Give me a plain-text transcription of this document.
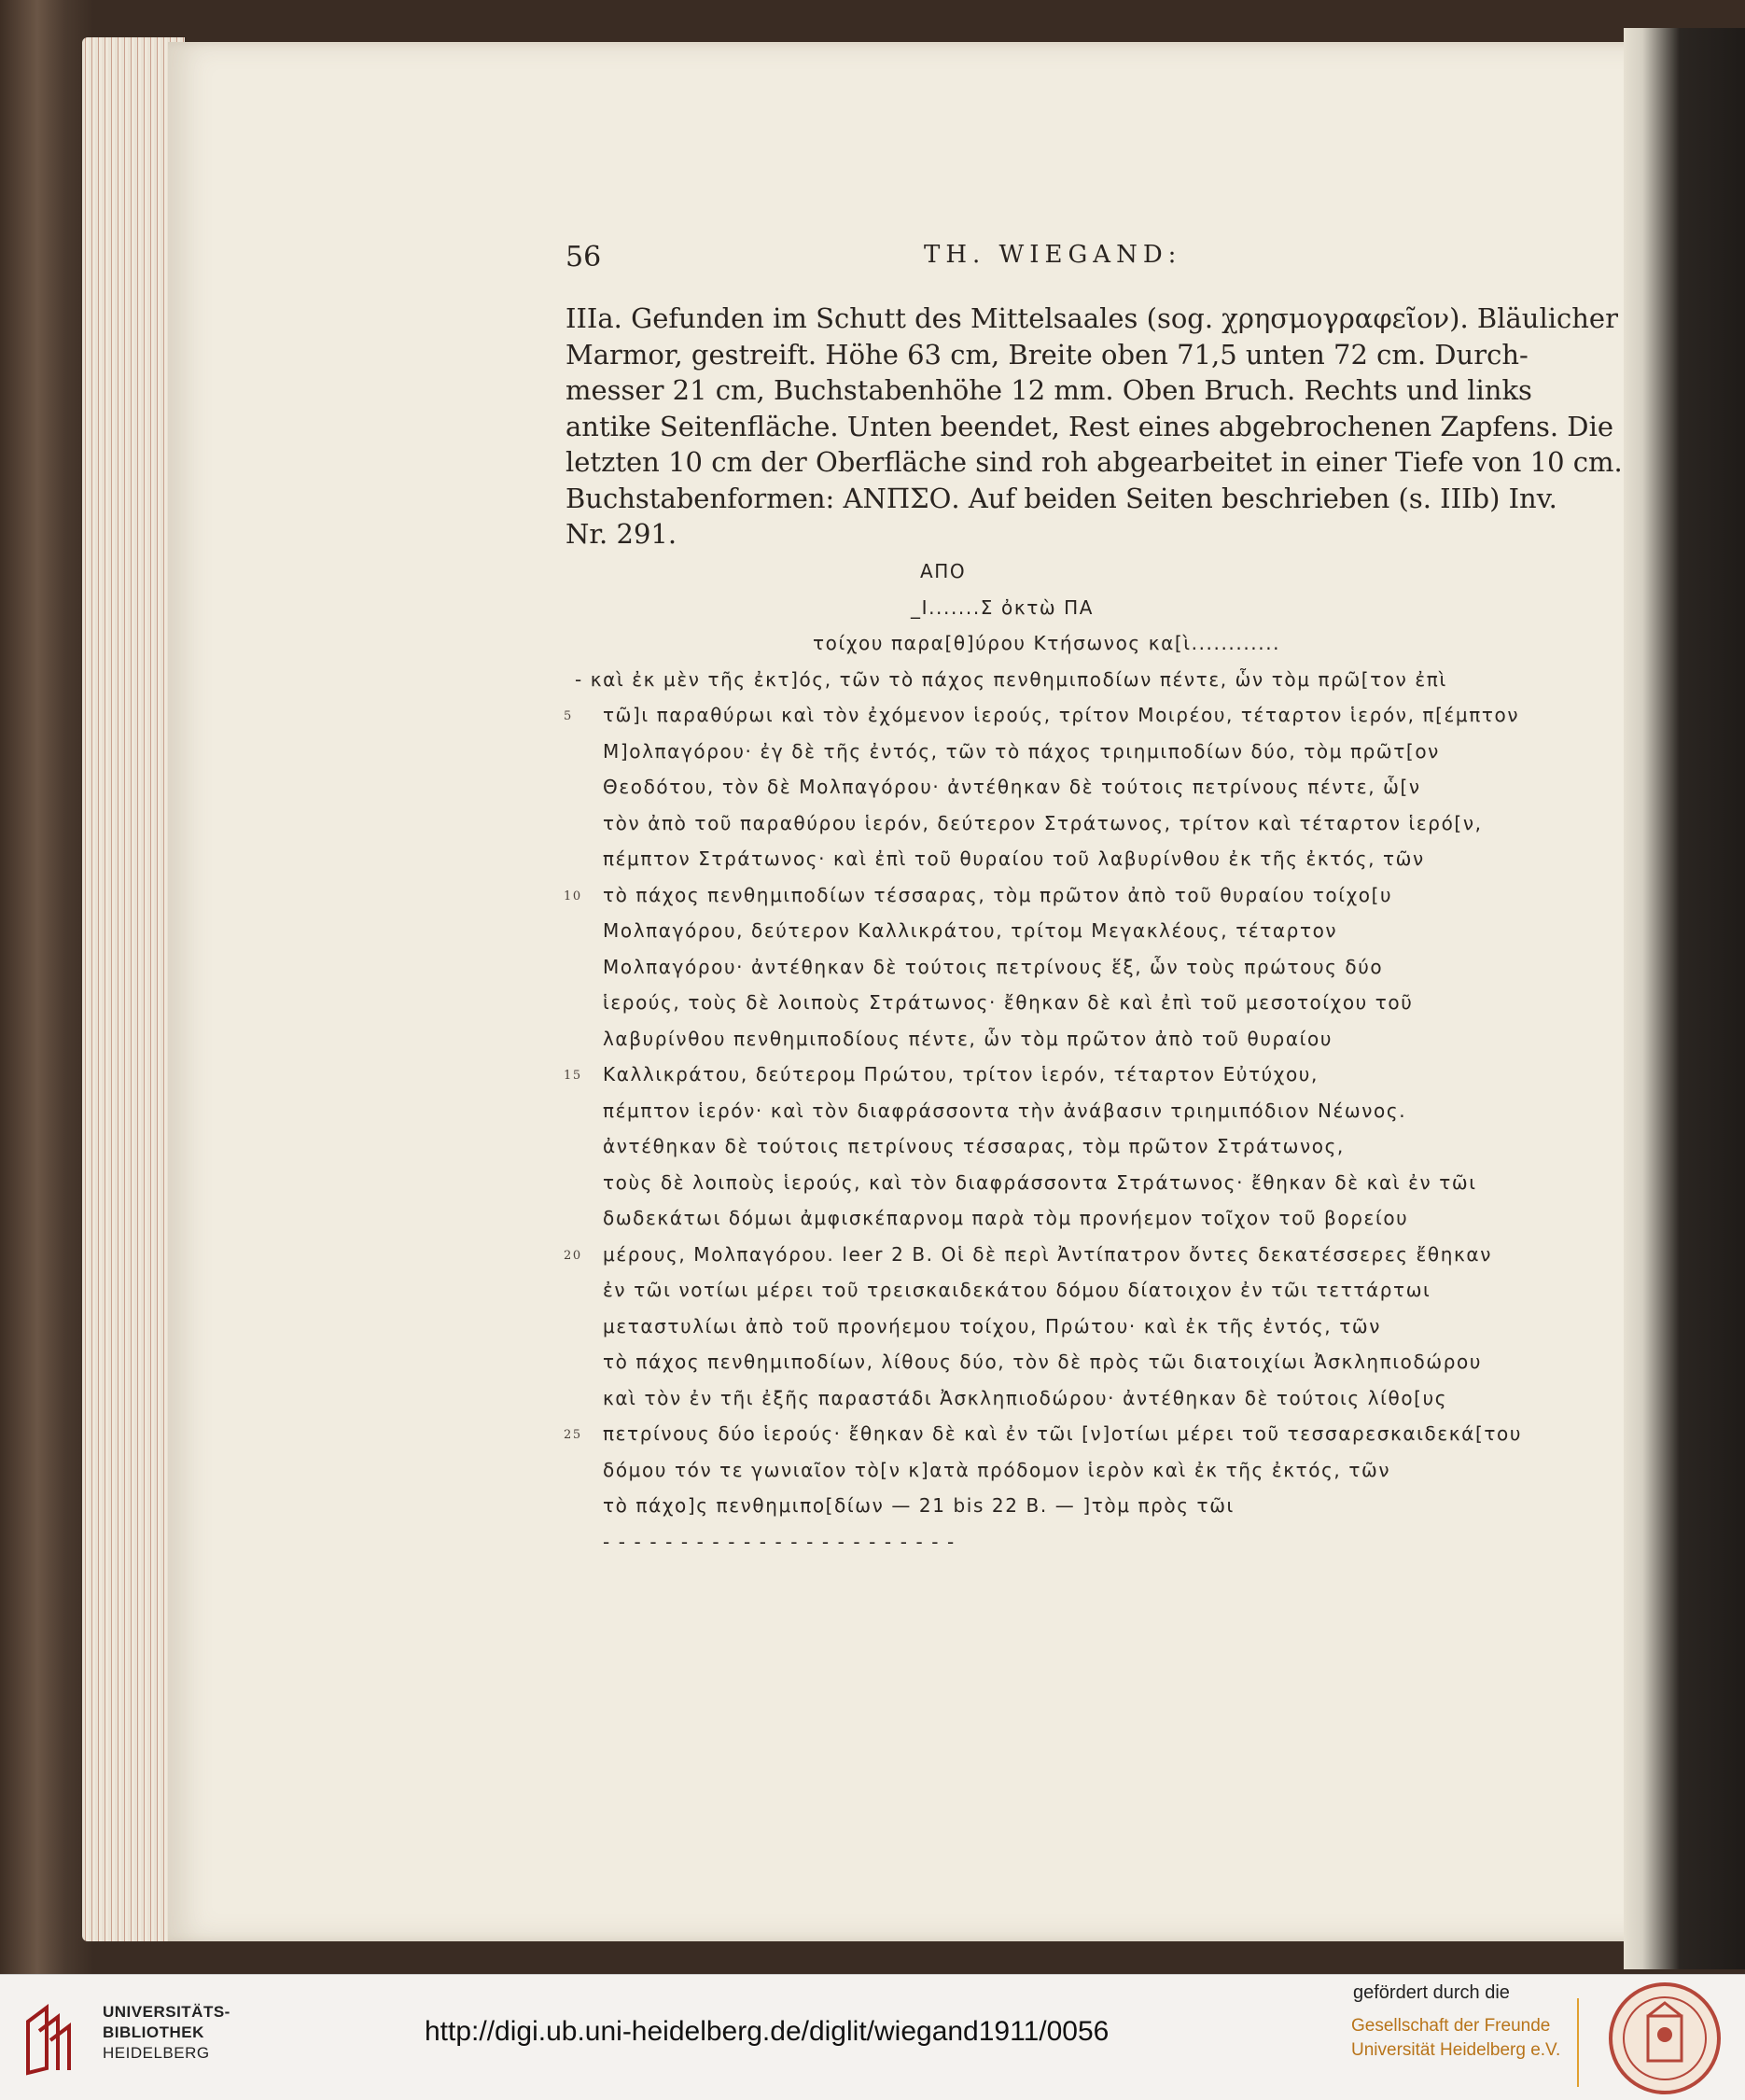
56	TH. WIEGAND:
IIIa. Gefunden im Schutt des Mittelsaales (sog. χρησμογραφεῖον). Bläulicher
Marmor, gestreift. Höhe 63 cm, Breite oben 71,5 unten 72 cm. Durch-
messer 21 cm, Buchstabenhöhe 12 mm. Oben Bruch. Rechts und links
antike Seitenfläche. Unten beendet, Rest eines abgebrochenen Zapfens. Die
letzten 10 cm der Oberfläche sind roh abgearbeitet in einer Tiefe von 10 cm.
Buchstabenformen: ΑΝΠΣΟ. Auf beiden Seiten beschrieben (s. IIIb) Inv.
Nr. 291.
ΑΠΟ
_Ι.......Σ ὀκτὼ ΠΑ
τοίχου παρα[θ]ύρου Κτήσωνος κα[ὶ............
- καὶ ἐκ μὲν τῆς ἐκτ]ός, τῶν τὸ πάχος πενθημιποδίων πέντε, ὧν τὸμ πρῶ[τον ἐπὶ
τῶ]ι παραθύρωι καὶ τὸν ἐχόμενον ἱερούς, τρίτον Μοιρέου, τέταρτον ἱερόν, π[έμπτον
5
Μ]ολπαγόρου· ἐγ δὲ τῆς ἐντός, τῶν τὸ πάχος τριημιποδίων δύο, τὸμ πρῶτ[ον
Θεοδότου, τὸν δὲ Μολπαγόρου· ἀντέθηκαν δὲ τούτοις πετρίνους πέντε, ὧ[ν
τὸν ἀπὸ τοῦ παραθύρου ἱερόν, δεύτερον Στράτωνος, τρίτον καὶ τέταρτον ἱερό[ν,
πέμπτον Στράτωνος· καὶ ἐπὶ τοῦ θυραίου τοῦ λαβυρίνθου ἐκ τῆς ἐκτός, τῶν
τὸ πάχος πενθημιποδίων τέσσαρας, τὸμ πρῶτον ἀπὸ τοῦ θυραίου τοίχο[υ
10
Μολπαγόρου, δεύτερον Καλλικράτου, τρίτομ Μεγακλέους, τέταρτον
Μολπαγόρου· ἀντέθηκαν δὲ τούτοις πετρίνους ἕξ, ὧν τοὺς πρώτους δύο
ἱερούς, τοὺς δὲ λοιποὺς Στράτωνος· ἔθηκαν δὲ καὶ ἐπὶ τοῦ μεσοτοίχου τοῦ
λαβυρίνθου πενθημιποδίους πέντε, ὧν τὸμ πρῶτον ἀπὸ τοῦ θυραίου
Καλλικράτου, δεύτερομ Πρώτου, τρίτον ἱερόν, τέταρτον Εὐτύχου,
15
πέμπτον ἱερόν· καὶ τὸν διαφράσσοντα τὴν ἀνάβασιν τριημιπόδιον Νέωνος.
ἀντέθηκαν δὲ τούτοις πετρίνους τέσσαρας, τὸμ πρῶτον Στράτωνος,
τοὺς δὲ λοιποὺς ἱερούς, καὶ τὸν διαφράσσοντα Στράτωνος· ἔθηκαν δὲ καὶ ἐν τῶι
δωδεκάτωι δόμωι ἀμφισκέπαρνομ παρὰ τὸμ προνήεμον τοῖχον τοῦ βορείου
μέρους, Μολπαγόρου. leer 2 B. Οἱ δὲ περὶ Ἀντίπατρον ὄντες δεκατέσσερες ἔθηκαν
20
ἐν τῶι νοτίωι μέρει τοῦ τρεισκαιδεκάτου δόμου δίατοιχον ἐν τῶι τεττάρτωι
μεταστυλίωι ἀπὸ τοῦ προνήεμου τοίχου, Πρώτου· καὶ ἐκ τῆς ἐντός, τῶν
τὸ πάχος πενθημιποδίων, λίθους δύο, τὸν δὲ πρὸς τῶι διατοιχίωι Ἀσκληπιοδώρου
καὶ τὸν ἐν τῆι ἐξῆς παραστάδι Ἀσκληπιοδώρου· ἀντέθηκαν δὲ τούτοις λίθο[υς
πετρίνους δύο ἱερούς· ἔθηκαν δὲ καὶ ἐν τῶι [ν]οτίωι μέρει τοῦ τεσσαρεσκαιδεκά[του
25
δόμου τόν τε γωνιαῖον τὸ[ν κ]ατὰ πρόδομον ἱερὸν καὶ ἐκ τῆς ἐκτός, τῶν
τὸ πάχο]ς πενθημιπο[δίων — 21 bis 22 B. — ]τὸμ πρὸς τῶι
- - - - - - - - - - - - - - - - - - - - - - -
UNIVERSITÄTS-
BIBLIOTHEK
HEIDELBERG
http://digi.ub.uni-heidelberg.de/diglit/wiegand1911/0056
gefördert durch die
Gesellschaft der Freunde
Universität Heidelberg e.V.
